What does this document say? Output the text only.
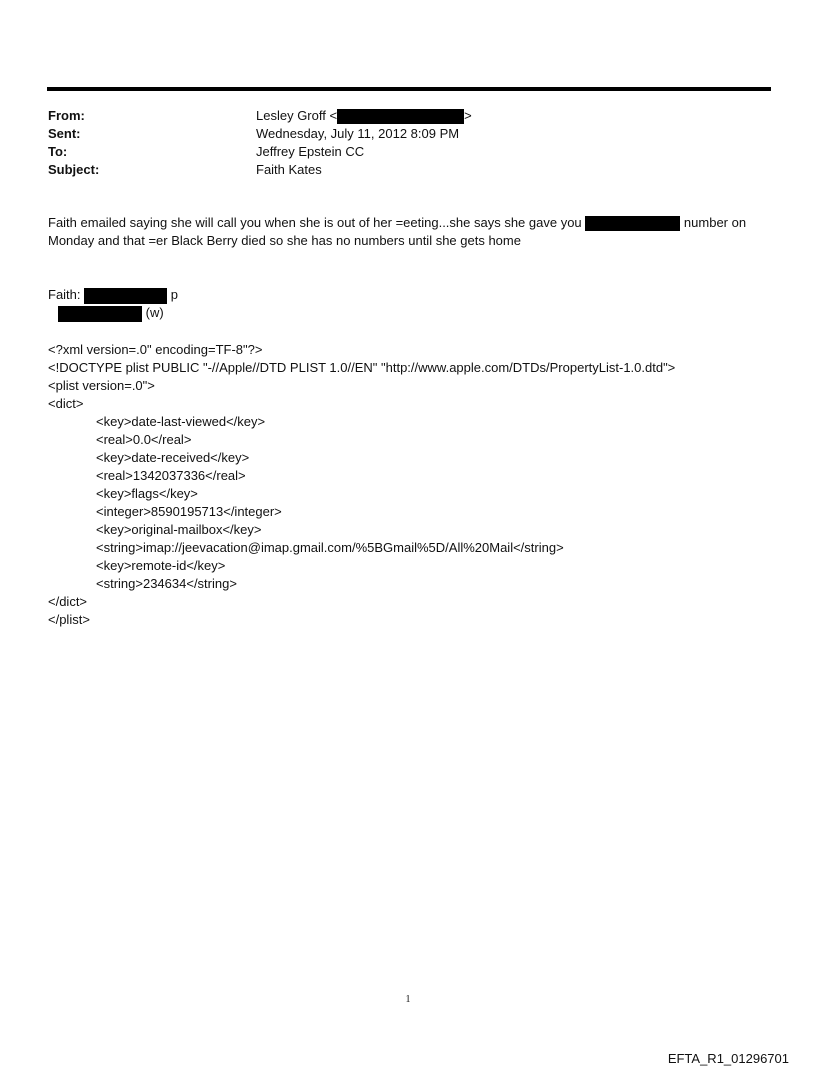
From:	Lesley Groff <	>
Sent:	Wednesday, July 11, 2012 8:09 PM
To:	Jeffrey Epstein CC
Subject:	Faith Kates

Faith emailed saying she will call you when she is out of her =eeting...she says she gave you	number on

Monday and that =er Black Berry died so she has no numbers until she gets home

Faith:	p
(w)
<?xml version=.0" encoding=TF-8"?>
<!DOCTYPE plist PUBLIC "-//Apple//DTD PLIST 1.0//EN" "http://www.apple.com/DTDs/PropertyList-1.0.dtd">
<plist version=.0">
<dict>
<key>date-last-viewed</key>
<real>0.0</real>
<key>date-received</key>
<real>1342037336</real>
<key>flags</key>
<integer>8590195713</integer>
<key>original-mailbox</key>
<string>imap://jeevacation@imap.gmail.com/%5BGmail%5D/All%20Mail</string>
<key>remote-id</key>
<string>234634</string>
</dict>
</plist>
1
EFTA_R1_01296701
